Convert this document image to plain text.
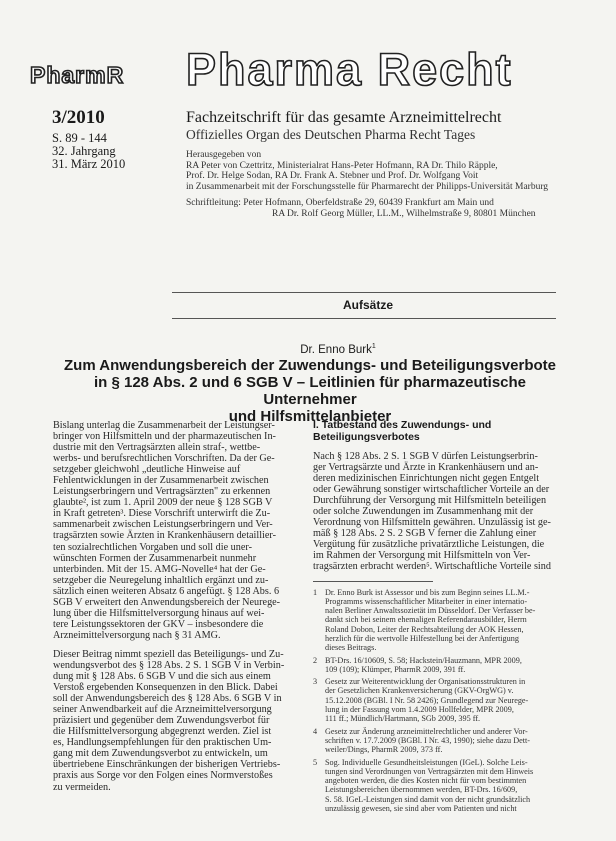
PharmR Pharma Recht
3/2010
S. 89 - 144
32. Jahrgang
31. März 2010
Fachzeitschrift für das gesamte Arzneimittelrecht
Offizielles Organ des Deutschen Pharma Recht Tages
Herausgegeben von
RA Peter von Czettritz, Ministerialrat Hans-Peter Hofmann, RA Dr. Thilo Räpple,
Prof. Dr. Helge Sodan, RA Dr. Frank A. Stebner und Prof. Dr. Wolfgang Voit
in Zusammenarbeit mit der Forschungsstelle für Pharmarecht der Philipps-Universität Marburg
Schriftleitung: Peter Hofmann, Oberfeldstraße 29, 60439 Frankfurt am Main und
RA Dr. Rolf Georg Müller, LL.M., Wilhelmstraße 9, 80801 München
Aufsätze
Dr. Enno Burk$^1$
Zum Anwendungsbereich der Zuwendungs- und Beteiligungsverbote
in § 128 Abs. 2 und 6 SGB V – Leitlinien für pharmazeutische Unternehmer
und Hilfsmittelanbieter

Bislang unterlag die Zusammenarbeit der Leistungser-
bringer von Hilfsmitteln und der pharmazeutischen In-
dustrie mit den Vertragsärzten allein straf-, wettbe-
werbs- und berufsrechtlichen Vorschriften. Da der Ge-
setzgeber gleichwohl „deutliche Hinweise auf
Fehlentwicklungen in der Zusammenarbeit zwischen
Leistungserbringern und Vertragsärzten" zu erkennen
glaubte², ist zum 1. April 2009 der neue § 128 SGB V
in Kraft getreten³. Diese Vorschrift unterwirft die Zu-
sammenarbeit zwischen Leistungserbringern und Ver-
tragsärzten sowie Ärzten in Krankenhäusern detaillier-
ten sozialrechtlichen Vorgaben und soll die uner-
wünschten Formen der Zusammenarbeit nunmehr
unterbinden. Mit der 15. AMG-Novelle⁴ hat der Ge-
setzgeber die Neuregelung inhaltlich ergänzt und zu-
sätzlich einen weiteren Absatz 6 angefügt. § 128 Abs. 6
SGB V erweitert den Anwendungsbereich der Neurege-
lung über die Hilfsmittelversorgung hinaus auf wei-
tere Leistungssektoren der GKV – insbesondere die
Arzneimittelversorgung nach § 31 AMG.

Dieser Beitrag nimmt speziell das Beteiligungs- und Zu-
wendungsverbot des § 128 Abs. 2 S. 1 SGB V in Verbin-
dung mit § 128 Abs. 6 SGB V und die sich aus einem
Verstoß ergebenden Konsequenzen in den Blick. Dabei
soll der Anwendungsbereich des § 128 Abs. 6 SGB V in
seiner Anwendbarkeit auf die Arzneimittelversorgung
präzisiert und gegenüber dem Zuwendungsverbot für
die Hilfsmittelversorgung abgegrenzt werden. Ziel ist
es, Handlungsempfehlungen für den praktischen Um-
gang mit dem Zuwendungsverbot zu entwickeln, um
übertriebene Einschränkungen der bisherigen Vertriebs-
praxis aus Sorge vor den Folgen eines Normverstoßes
zu vermeiden.

I. Tatbestand des Zuwendungs- und
Beteiligungsverbotes

Nach § 128 Abs. 2 S. 1 SGB V dürfen Leistungserbrin-
ger Vertragsärzte und Ärzte in Krankenhäusern und an-
deren medizinischen Einrichtungen nicht gegen Entgelt
oder Gewährung sonstiger wirtschaftlicher Vorteile an der
Durchführung der Versorgung mit Hilfsmitteln beteiligen
oder solche Zuwendungen im Zusammenhang mit der
Verordnung von Hilfsmitteln gewähren. Unzulässig ist ge-
mäß § 128 Abs. 2 S. 2 SGB V ferner die Zahlung einer
Vergütung für zusätzliche privatärztliche Leistungen, die
im Rahmen der Versorgung mit Hilfsmitteln von Ver-
tragsärzten erbracht werden⁵. Wirtschaftliche Vorteile sind

1 Dr. Enno Burk ist Assessor und bis zum Beginn seines LL.M.-
Programms wissenschaftlicher Mitarbeiter in einer internatio-
nalen Berliner Anwaltssozietät im Düsseldorf. Der Verfasser be-
dankt sich bei seinem ehemaligen Referendarausbilder, Herrn
Roland Dobon, Leiter der Rechtsabteilung der AOK Hessen,
herzlich für die wertvolle Hilfestellung bei der Anfertigung
dieses Beitrags.
2 BT-Drs. 16/10609, S. 58; Hackstein/Hauzmann, MPR 2009,
109 (109); Klümper, PharmR 2009, 391 ff.
3 Gesetz zur Weiterentwicklung der Organisationsstrukturen in
der Gesetzlichen Krankenversicherung (GKV-OrgWG) v.
15.12.2008 (BGBl. I Nr. 58 2426); Grundlegend zur Neurege-
lung in der Fassung vom 1.4.2009 Hollfelder, MPR 2009,
111 ff.; Mündlich/Hartmann, SGb 2009, 395 ff.
4 Gesetz zur Änderung arzneimittelrechtlicher und anderer Vor-
schriften v. 17.7.2009 (BGBl. I Nr. 43, 1990); siehe dazu Dett-
weiler/Dings, PharmR 2009, 373 ff.
5 Sog. Individuelle Gesundheitsleistungen (IGeL). Solche Leis-
tungen sind Verordnungen von Vertragsärzten mit dem Hinweis
angeboten werden, die dies Kosten nicht für vom bestimmten
Leistungsbereichen übernommen werden, BT-Drs. 16/609,
S. 58. IGeL-Leistungen sind damit von der nicht grundsätzlich
unzulässig gewesen, sie sind aber vom Patienten und nicht
